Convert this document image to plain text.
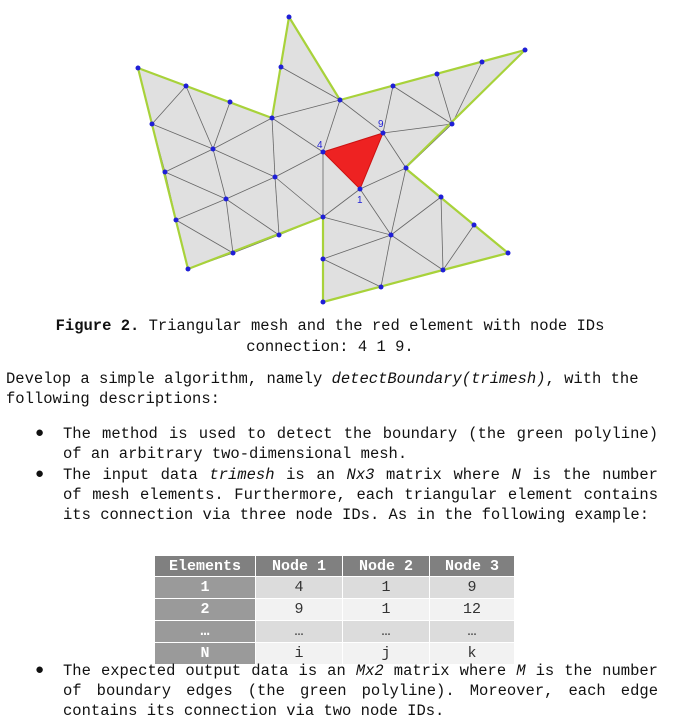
4
9
1
Figure 2. Triangular mesh and the red element with node IDs connection: 4 1 9.
Develop a simple algorithm, namely detectBoundary(trimesh), with the following descriptions:
● The method is used to detect the boundary (the green polyline) of an arbitrary two-dimensional mesh.
● The input data trimesh is an Nx3 matrix where N is the number of mesh elements. Furthermore, each triangular element contains its connection via three node IDs. As in the following example:
Elements	Node 1	Node 2	Node 3
1	4	1	9
2	9	1	12
…	…	…	…
N	i	j	k
● The expected output data is an Mx2 matrix where M is the number of boundary edges (the green polyline). Moreover, each edge contains its connection via two node IDs.
